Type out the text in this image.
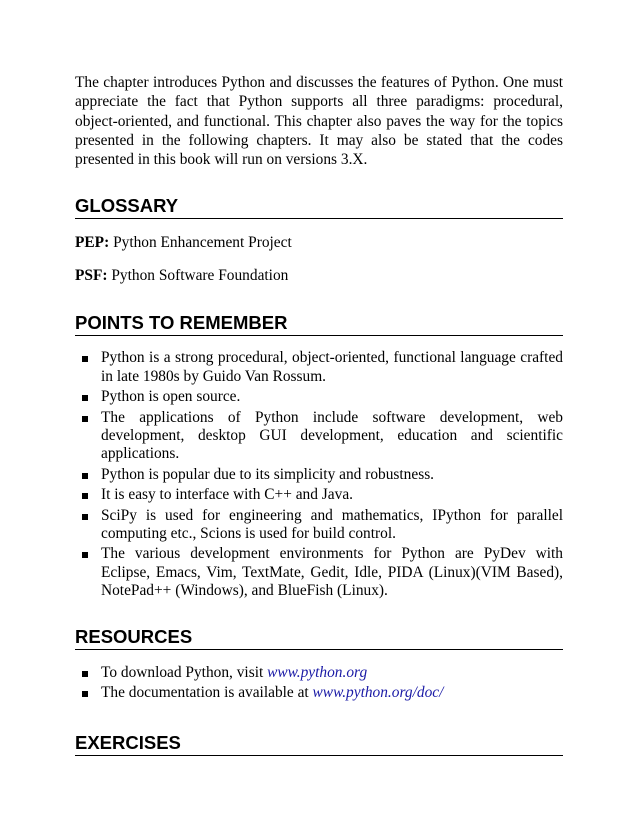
The chapter introduces Python and discusses the features of Python. One must appreciate the fact that Python supports all three paradigms: procedural, object-oriented, and functional. This chapter also paves the way for the topics presented in the following chapters. It may also be stated that the codes presented in this book will run on versions 3.X.

GLOSSARY

PEP: Python Enhancement Project

PSF: Python Software Foundation

POINTS TO REMEMBER
Python is a strong procedural, object-oriented, functional language crafted in late 1980s by Guido Van Rossum.
Python is open source.
The applications of Python include software development, web development, desktop GUI development, education and scientific applications.
Python is popular due to its simplicity and robustness.
It is easy to interface with C++ and Java.
SciPy is used for engineering and mathematics, IPython for parallel computing etc., Scions is used for build control.
The various development environments for Python are PyDev with Eclipse, Emacs, Vim, TextMate, Gedit, Idle, PIDA (Linux)(VIM Based), NotePad++ (Windows), and BlueFish (Linux).
RESOURCES
To download Python, visit www.python.org
The documentation is available at www.python.org/doc/
EXERCISES
